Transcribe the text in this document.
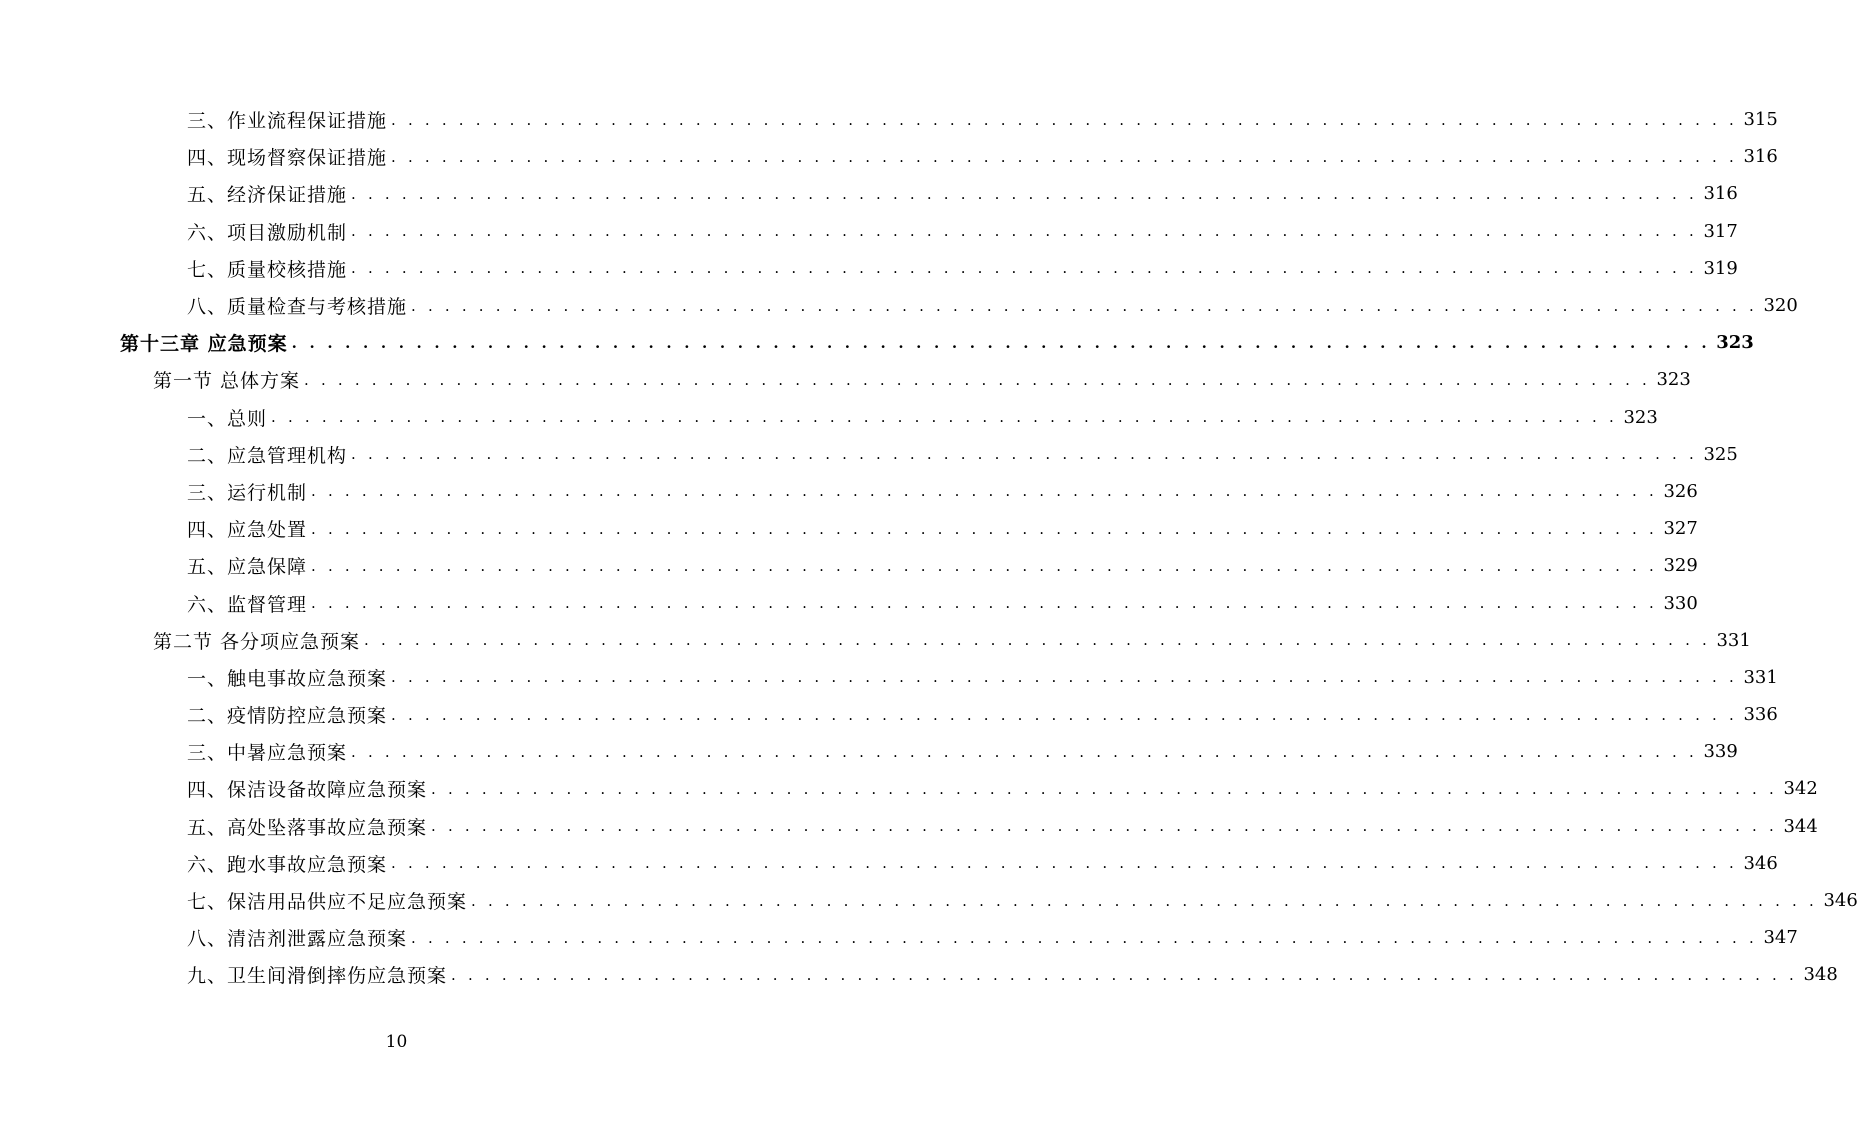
三、作业流程保证措施 . . . . . . . . . . . . . . . . . . . . . . . . . . . . . . . . . . . . . . . . . . . . . . . . . . . . . . . . . . . . . . . . . . . . . . . . . . . . . . . . 315
四、现场督察保证措施 . . . . . . . . . . . . . . . . . . . . . . . . . . . . . . . . . . . . . . . . . . . . . . . . . . . . . . . . . . . . . . . . . . . . . . . . . . . . . . . . 316
五、经济保证措施 . . . . . . . . . . . . . . . . . . . . . . . . . . . . . . . . . . . . . . . . . . . . . . . . . . . . . . . . . . . . . . . . . . . . . . . . . . . . . . . . 316
六、项目激励机制 . . . . . . . . . . . . . . . . . . . . . . . . . . . . . . . . . . . . . . . . . . . . . . . . . . . . . . . . . . . . . . . . . . . . . . . . . . . . . . . . 317
七、质量校核措施 . . . . . . . . . . . . . . . . . . . . . . . . . . . . . . . . . . . . . . . . . . . . . . . . . . . . . . . . . . . . . . . . . . . . . . . . . . . . . . . . 319
八、质量检查与考核措施 . . . . . . . . . . . . . . . . . . . . . . . . . . . . . . . . . . . . . . . . . . . . . . . . . . . . . . . . . . . . . . . . . . . . . . . . . . . . . . . . 320
第十三章 应急预案 . . . . . . . . . . . . . . . . . . . . . . . . . . . . . . . . . . . . . . . . . . . . . . . . . . . . . . . . . . . . . . . . . . . . . . . . . . . . . . . . 323
第一节 总体方案 . . . . . . . . . . . . . . . . . . . . . . . . . . . . . . . . . . . . . . . . . . . . . . . . . . . . . . . . . . . . . . . . . . . . . . . . . . . . . . . . 323
一、总则 . . . . . . . . . . . . . . . . . . . . . . . . . . . . . . . . . . . . . . . . . . . . . . . . . . . . . . . . . . . . . . . . . . . . . . . . . . . . . . . . 323
二、应急管理机构 . . . . . . . . . . . . . . . . . . . . . . . . . . . . . . . . . . . . . . . . . . . . . . . . . . . . . . . . . . . . . . . . . . . . . . . . . . . . . . . . 325
三、运行机制 . . . . . . . . . . . . . . . . . . . . . . . . . . . . . . . . . . . . . . . . . . . . . . . . . . . . . . . . . . . . . . . . . . . . . . . . . . . . . . . . 326
四、应急处置 . . . . . . . . . . . . . . . . . . . . . . . . . . . . . . . . . . . . . . . . . . . . . . . . . . . . . . . . . . . . . . . . . . . . . . . . . . . . . . . . 327
五、应急保障 . . . . . . . . . . . . . . . . . . . . . . . . . . . . . . . . . . . . . . . . . . . . . . . . . . . . . . . . . . . . . . . . . . . . . . . . . . . . . . . . 329
六、监督管理 . . . . . . . . . . . . . . . . . . . . . . . . . . . . . . . . . . . . . . . . . . . . . . . . . . . . . . . . . . . . . . . . . . . . . . . . . . . . . . . . 330
第二节 各分项应急预案 . . . . . . . . . . . . . . . . . . . . . . . . . . . . . . . . . . . . . . . . . . . . . . . . . . . . . . . . . . . . . . . . . . . . . . . . . . . . . . . . 331
一、触电事故应急预案 . . . . . . . . . . . . . . . . . . . . . . . . . . . . . . . . . . . . . . . . . . . . . . . . . . . . . . . . . . . . . . . . . . . . . . . . . . . . . . . . 331
二、疫情防控应急预案 . . . . . . . . . . . . . . . . . . . . . . . . . . . . . . . . . . . . . . . . . . . . . . . . . . . . . . . . . . . . . . . . . . . . . . . . . . . . . . . . 336
三、中暑应急预案 . . . . . . . . . . . . . . . . . . . . . . . . . . . . . . . . . . . . . . . . . . . . . . . . . . . . . . . . . . . . . . . . . . . . . . . . . . . . . . . . 339
四、保洁设备故障应急预案 . . . . . . . . . . . . . . . . . . . . . . . . . . . . . . . . . . . . . . . . . . . . . . . . . . . . . . . . . . . . . . . . . . . . . . . . . . . . . . . . 342
五、高处坠落事故应急预案 . . . . . . . . . . . . . . . . . . . . . . . . . . . . . . . . . . . . . . . . . . . . . . . . . . . . . . . . . . . . . . . . . . . . . . . . . . . . . . . . 344
六、跑水事故应急预案 . . . . . . . . . . . . . . . . . . . . . . . . . . . . . . . . . . . . . . . . . . . . . . . . . . . . . . . . . . . . . . . . . . . . . . . . . . . . . . . . 346
七、保洁用品供应不足应急预案 . . . . . . . . . . . . . . . . . . . . . . . . . . . . . . . . . . . . . . . . . . . . . . . . . . . . . . . . . . . . . . . . . . . . . . . . . . . . . . . . 346
八、清洁剂泄露应急预案 . . . . . . . . . . . . . . . . . . . . . . . . . . . . . . . . . . . . . . . . . . . . . . . . . . . . . . . . . . . . . . . . . . . . . . . . . . . . . . . . 347
九、卫生间滑倒摔伤应急预案 . . . . . . . . . . . . . . . . . . . . . . . . . . . . . . . . . . . . . . . . . . . . . . . . . . . . . . . . . . . . . . . . . . . . . . . . . . . . . . . . 348
10
